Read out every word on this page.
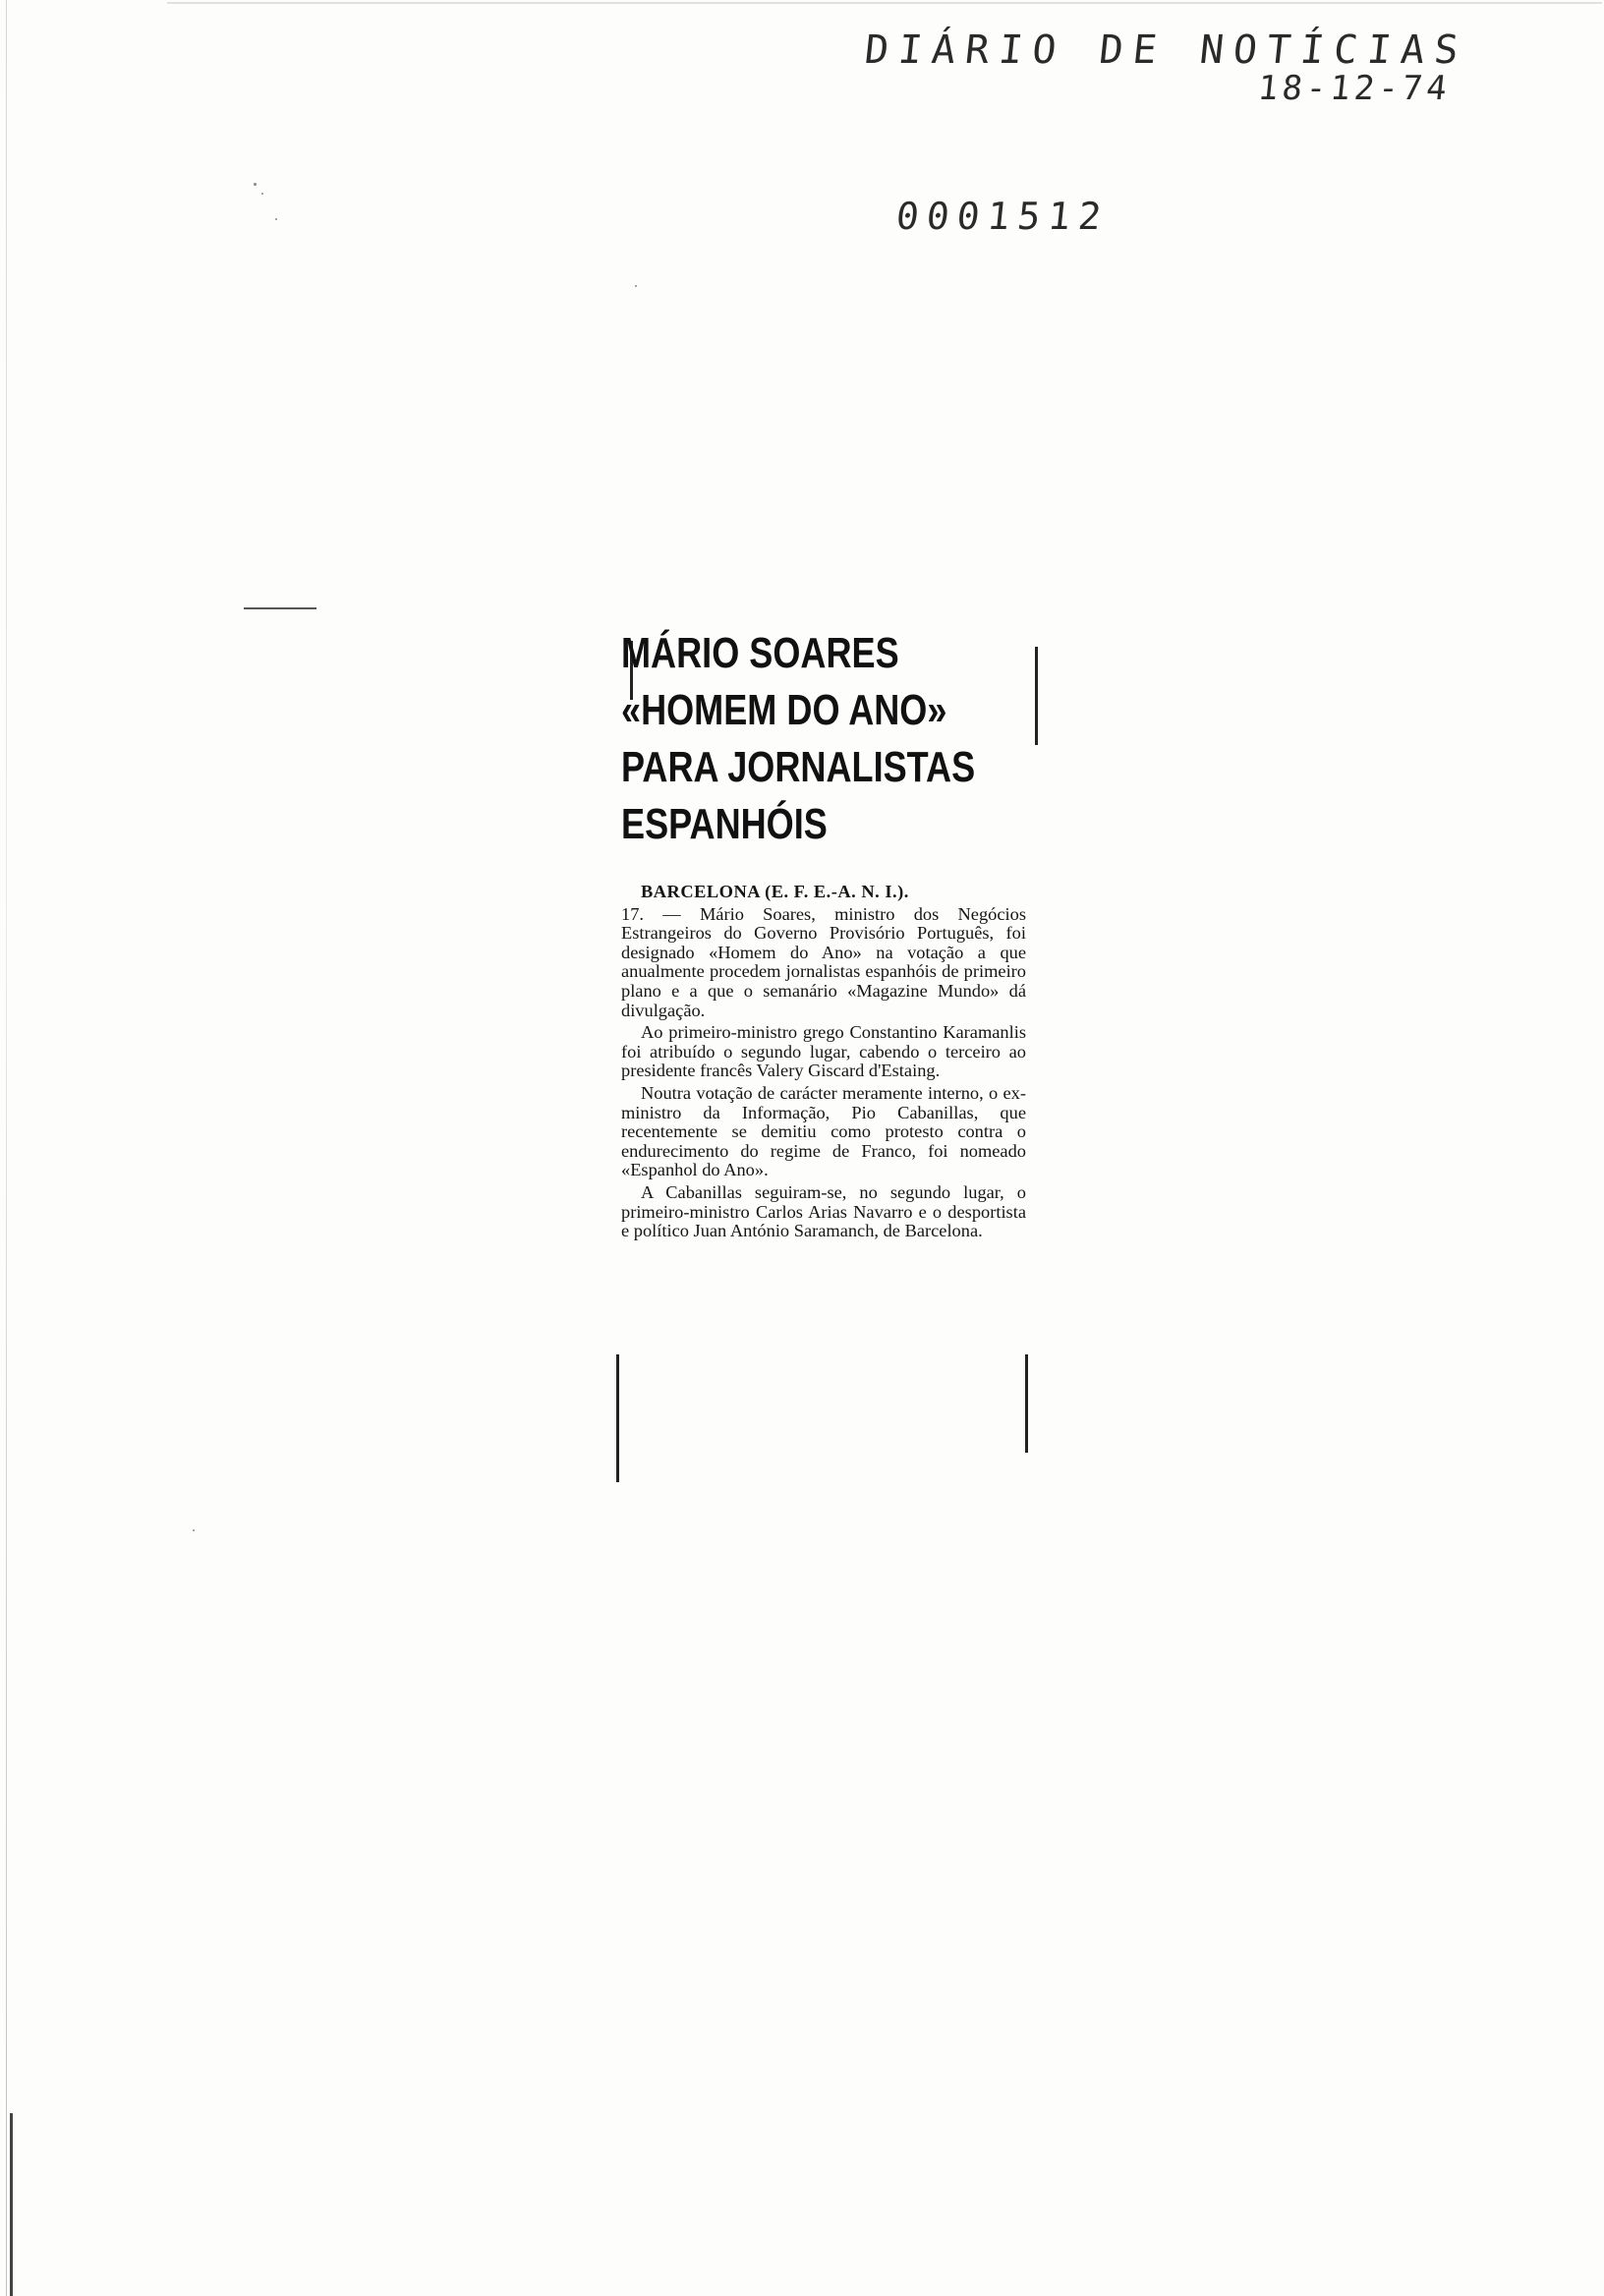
DIÁRIO DE NOTÍCIAS
18-12-74
0001512
MÁRIO SOARES
«HOMEM DO ANO»
PARA JORNALISTAS
ESPANHÓIS

BARCELONA (E. F. E.-A. N. I.).

17. — Mário Soares, ministro dos Negócios Estrangeiros do Governo Provisório Português, foi designado «Homem do Ano» na votação a que anualmente procedem jornalistas espanhóis de primeiro plano e a que o semanário «Magazine Mundo» dá divulgação.

Ao primeiro-ministro grego Constantino Karamanlis foi atribuído o segundo lugar, cabendo o terceiro ao presidente francês Valery Giscard d'Estaing.

Noutra votação de carácter meramente interno, o ex-ministro da Informação, Pio Cabanillas, que recentemente se demitiu como protesto contra o endurecimento do regime de Franco, foi nomeado «Espanhol do Ano».

A Cabanillas seguiram-se, no segundo lugar, o primeiro-ministro Carlos Arias Navarro e o desportista e político Juan António Saramanch, de Barcelona.
